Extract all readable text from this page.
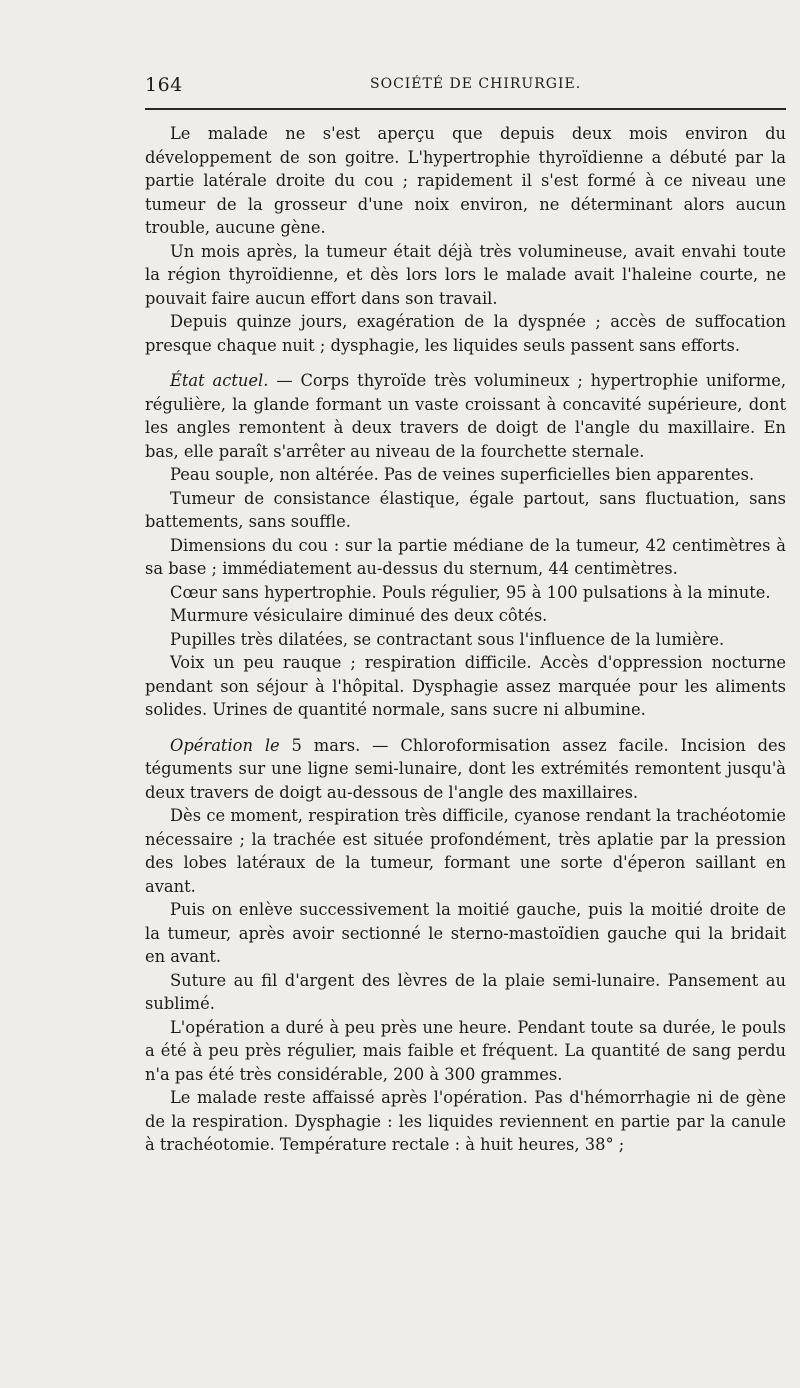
164	SOCIÉTÉ DE CHIRURGIE.

Le malade ne s'est aperçu que depuis deux mois environ du développement de son goitre. L'hypertrophie thyroïdienne a débuté par la partie latérale droite du cou ; rapidement il s'est formé à ce niveau une tumeur de la grosseur d'une noix environ, ne déterminant alors aucun trouble, aucune gène.

Un mois après, la tumeur était déjà très volumineuse, avait envahi toute la région thyroïdienne, et dès lors lors le malade avait l'haleine courte, ne pouvait faire aucun effort dans son travail.

Depuis quinze jours, exagération de la dyspnée ; accès de suffocation presque chaque nuit ; dysphagie, les liquides seuls passent sans efforts.

État actuel. — Corps thyroïde très volumineux ; hypertrophie uniforme, régulière, la glande formant un vaste croissant à concavité supérieure, dont les angles remontent à deux travers de doigt de l'angle du maxillaire. En bas, elle paraît s'arrêter au niveau de la fourchette sternale.

Peau souple, non altérée. Pas de veines superficielles bien apparentes.

Tumeur de consistance élastique, égale partout, sans fluctuation, sans battements, sans souffle.

Dimensions du cou : sur la partie médiane de la tumeur, 42 centimètres à sa base ; immédiatement au-dessus du sternum, 44 centimètres.

Cœur sans hypertrophie. Pouls régulier, 95 à 100 pulsations à la minute.

Murmure vésiculaire diminué des deux côtés.

Pupilles très dilatées, se contractant sous l'influence de la lumière.

Voix un peu rauque ; respiration difficile. Accès d'oppression nocturne pendant son séjour à l'hôpital. Dysphagie assez marquée pour les aliments solides. Urines de quantité normale, sans sucre ni albumine.

Opération le 5 mars. — Chloroformisation assez facile. Incision des téguments sur une ligne semi-lunaire, dont les extrémités remontent jusqu'à deux travers de doigt au-dessous de l'angle des maxillaires.

Dès ce moment, respiration très difficile, cyanose rendant la trachéotomie nécessaire ; la trachée est située profondément, très aplatie par la pression des lobes latéraux de la tumeur, formant une sorte d'éperon saillant en avant.

Puis on enlève successivement la moitié gauche, puis la moitié droite de la tumeur, après avoir sectionné le sterno-mastoïdien gauche qui la bridait en avant.

Suture au fil d'argent des lèvres de la plaie semi-lunaire. Pansement au sublimé.

L'opération a duré à peu près une heure. Pendant toute sa durée, le pouls a été à peu près régulier, mais faible et fréquent. La quantité de sang perdu n'a pas été très considérable, 200 à 300 grammes.

Le malade reste affaissé après l'opération. Pas d'hémorrhagie ni de gène de la respiration. Dysphagie : les liquides reviennent en partie par la canule à trachéotomie. Température rectale : à huit heures, 38° ;
